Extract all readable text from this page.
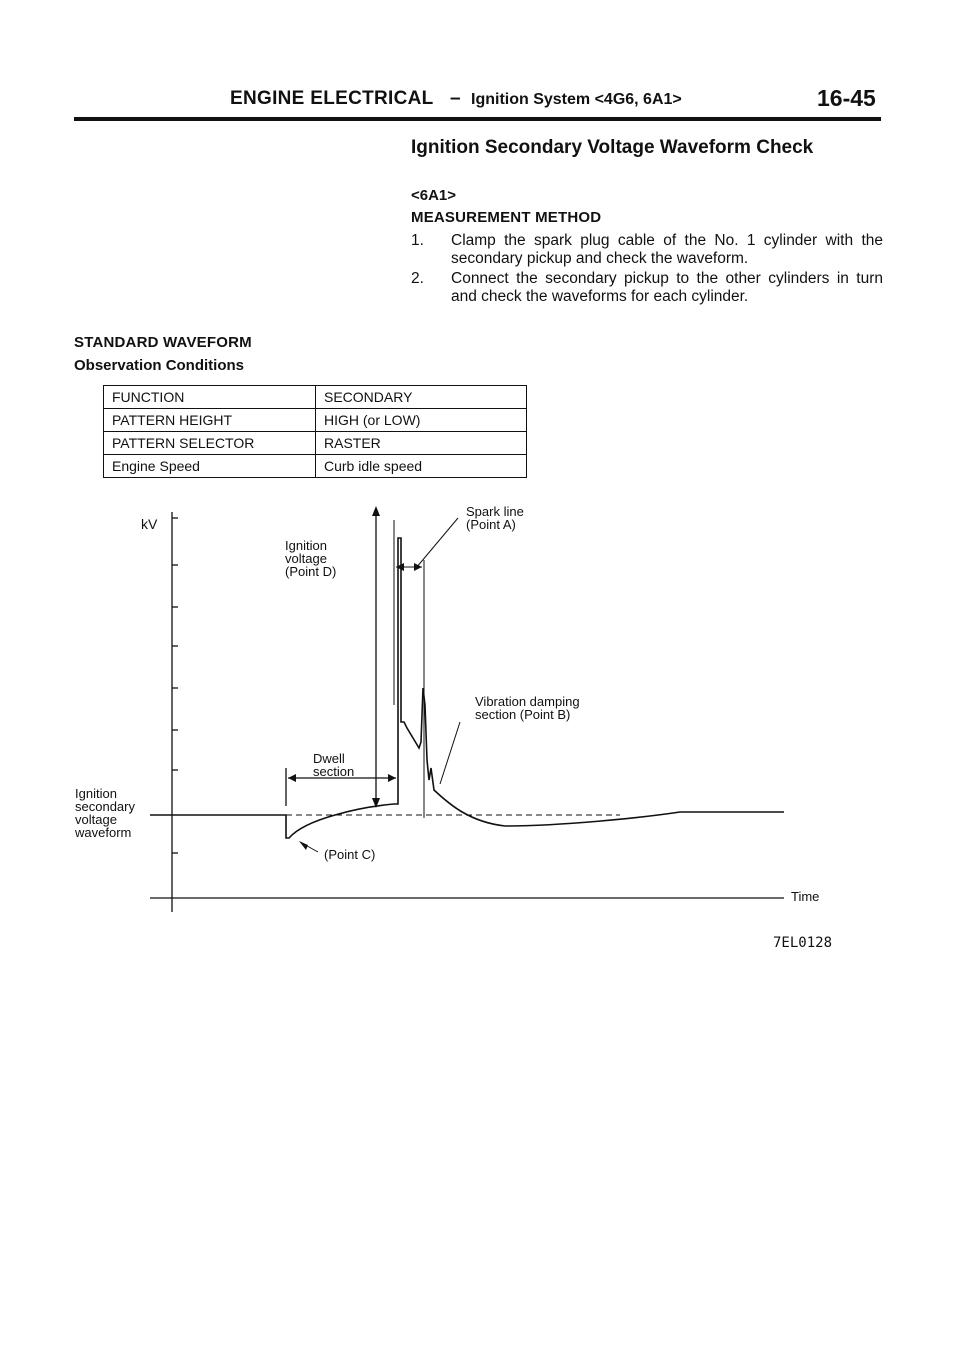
ENGINE ELECTRICAL – Ignition System <4G6, 6A1>	16-45
Ignition Secondary Voltage Waveform Check
<6A1>
MEASUREMENT METHOD
1. Clamp the spark plug cable of the No. 1 cylinder with the secondary pickup and check the waveform.
2. Connect the secondary pickup to the other cylinders in turn and check the waveforms for each cylinder.
STANDARD WAVEFORM
Observation Conditions
FUNCTION	SECONDARY
PATTERN HEIGHT	HIGH (or LOW)
PATTERN SELECTOR	RASTER
Engine Speed	Curb idle speed
kV
Ignition
secondary
voltage
waveform
Ignition
voltage
(Point D)
Spark line
(Point A)
Vibration damping
section (Point B)
Dwell
section
(Point C)
Time
7EL0128
